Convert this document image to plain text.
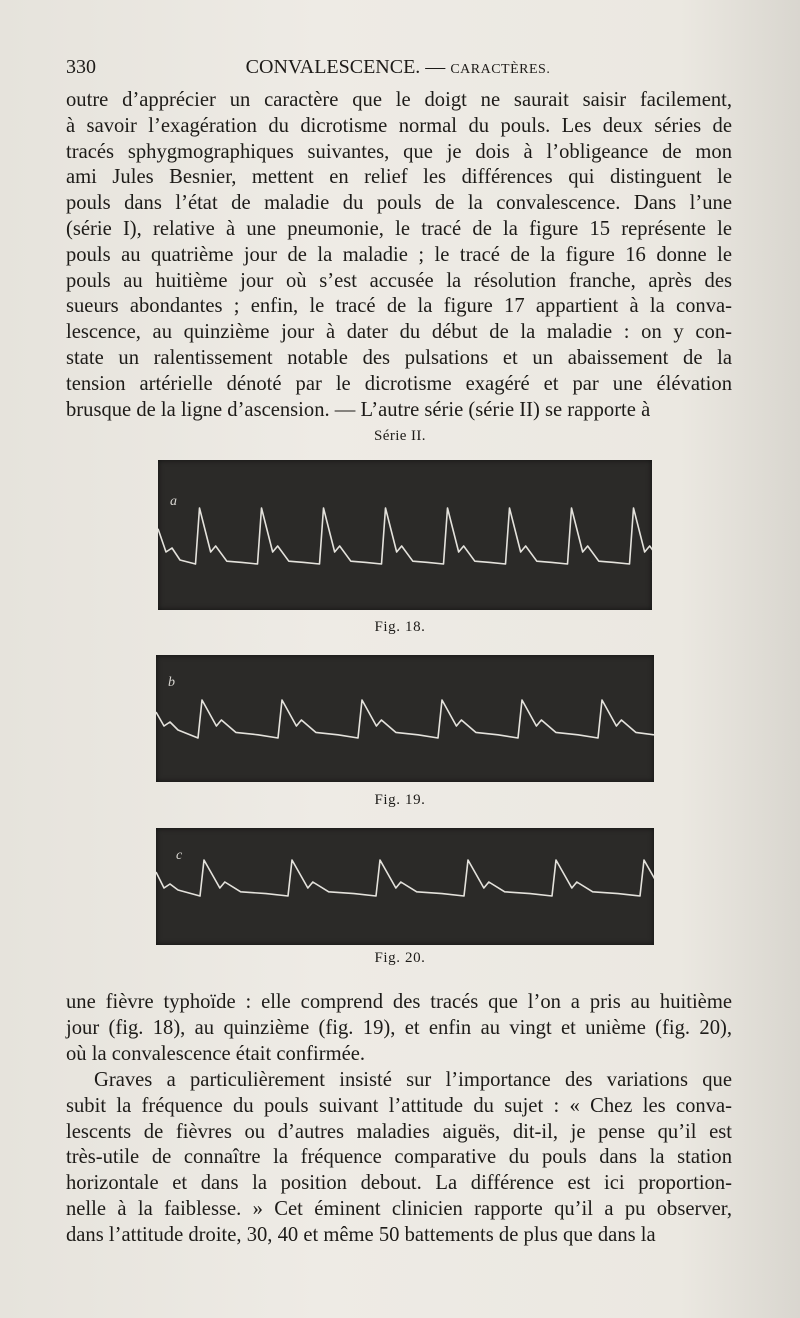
330	CONVALESCENCE. — CARACTÈRES.
outre d’apprécier un caractère que le doigt ne saurait saisir facilement,
à savoir l’exagération du dicrotisme normal du pouls. Les deux séries de
tracés sphygmographiques suivantes, que je dois à l’obligeance de mon
ami Jules Besnier, mettent en relief les différences qui distinguent le
pouls dans l’état de maladie du pouls de la convalescence. Dans l’une
(série I), relative à une pneumonie, le tracé de la figure 15 représente le
pouls au quatrième jour de la maladie ; le tracé de la figure 16 donne le
pouls au huitième jour où s’est accusée la résolution franche, après des
sueurs abondantes ; enfin, le tracé de la figure 17 appartient à la conva-
lescence, au quinzième jour à dater du début de la maladie : on y con-
state un ralentissement notable des pulsations et un abaissement de la
tension artérielle dénoté par le dicrotisme exagéré et par une élévation
brusque de la ligne d’ascension. — L’autre série (série II) se rapporte à
Série II.
a
Fig. 18.
b
Fig. 19.
c
Fig. 20.
une fièvre typhoïde : elle comprend des tracés que l’on a pris au huitième
jour (fig. 18), au quinzième (fig. 19), et enfin au vingt et unième (fig. 20),
où la convalescence était confirmée.
Graves a particulièrement insisté sur l’importance des variations que
subit la fréquence du pouls suivant l’attitude du sujet : « Chez les conva-
lescents de fièvres ou d’autres maladies aiguës, dit-il, je pense qu’il est
très-utile de connaître la fréquence comparative du pouls dans la station
horizontale et dans la position debout. La différence est ici proportion-
nelle à la faiblesse. » Cet éminent clinicien rapporte qu’il a pu observer,
dans l’attitude droite, 30, 40 et même 50 battements de plus que dans la
